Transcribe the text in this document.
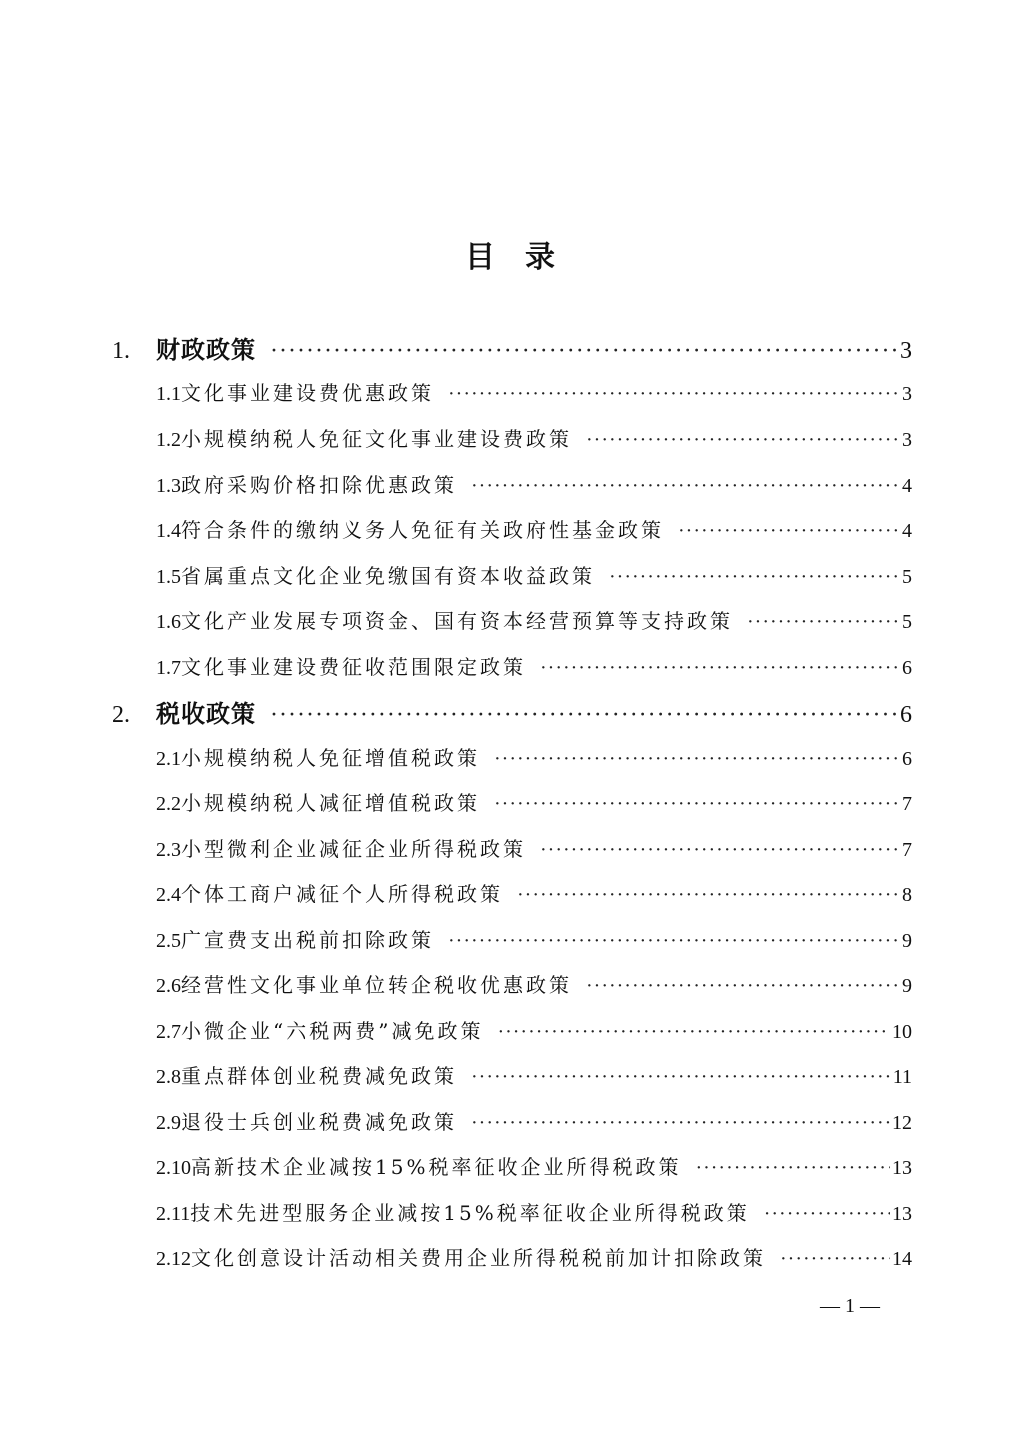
目录
1.	财政政策 ·····	3
1.1 文化事业建设费优惠政策 ·····	3
1.2 小规模纳税人免征文化事业建设费政策 ·····	3
1.3 政府采购价格扣除优惠政策 ·····	4
1.4 符合条件的缴纳义务人免征有关政府性基金政策 ·····	4
1.5 省属重点文化企业免缴国有资本收益政策 ·····	5
1.6 文化产业发展专项资金、国有资本经营预算等支持政策 ·····	5
1.7 文化事业建设费征收范围限定政策 ·····	6
2.	税收政策 ·····	6
2.1 小规模纳税人免征增值税政策 ·····	6
2.2 小规模纳税人减征增值税政策 ·····	7
2.3 小型微利企业减征企业所得税政策 ·····	7
2.4 个体工商户减征个人所得税政策 ·····	8
2.5 广宣费支出税前扣除政策 ·····	9
2.6 经营性文化事业单位转企税收优惠政策 ·····	9
2.7 小微企业“六税两费”减免政策 ·····	10
2.8 重点群体创业税费减免政策 ·····	11
2.9 退役士兵创业税费减免政策 ·····	12
2.10 高新技术企业减按15%税率征收企业所得税政策 ·····	13
2.11 技术先进型服务企业减按15%税率征收企业所得税政策 ·····	13
2.12 文化创意设计活动相关费用企业所得税税前加计扣除政策 ·····	14
— 1 —
